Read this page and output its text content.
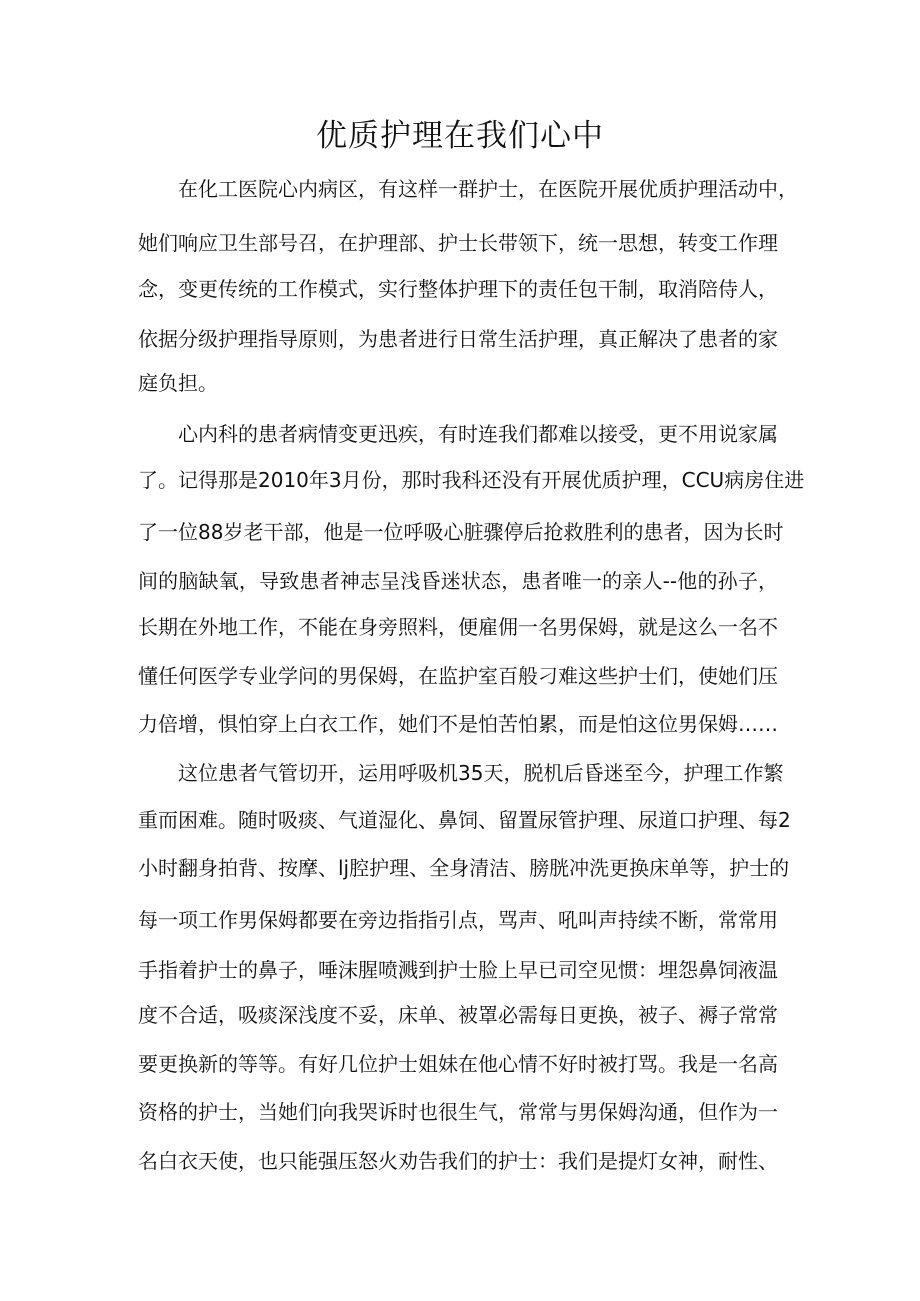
优质护理在我们心中
在化工医院心内病区，有这样一群护士，在医院开展优质护理活动中，
她们响应卫生部号召，在护理部、护士长带领下，统一思想，转变工作理
念，变更传统的工作模式，实行整体护理下的责任包干制，取消陪侍人，
依据分级护理指导原则，为患者进行日常生活护理，真正解决了患者的家
庭负担。
心内科的患者病情变更迅疾，有时连我们都难以接受，更不用说家属
了。记得那是2010年3月份，那时我科还没有开展优质护理，CCU病房住进
了一位88岁老干部，他是一位呼吸心脏骤停后抢救胜利的患者，因为长时
间的脑缺氧，导致患者神志呈浅昏迷状态，患者唯一的亲人--他的孙子，
长期在外地工作，不能在身旁照料，便雇佣一名男保姆，就是这么一名不
懂任何医学专业学问的男保姆，在监护室百般刁难这些护士们，使她们压
力倍增，惧怕穿上白衣工作，她们不是怕苦怕累，而是怕这位男保姆……
这位患者气管切开，运用呼吸机35天，脱机后昏迷至今，护理工作繁
重而困难。随时吸痰、气道湿化、鼻饲、留置尿管护理、尿道口护理、每2
小时翻身拍背、按摩、lj腔护理、全身清洁、膀胱冲洗更换床单等，护士的
每一项工作男保姆都要在旁边指指引点，骂声、吼叫声持续不断，常常用
手指着护士的鼻子，唾沫腥喷溅到护士脸上早已司空见惯：埋怨鼻饲液温
度不合适，吸痰深浅度不妥，床单、被罩必需每日更换，被子、褥子常常
要更换新的等等。有好几位护士姐妹在他心情不好时被打骂。我是一名高
资格的护士，当她们向我哭诉时也很生气，常常与男保姆沟通，但作为一
名白衣天使，也只能强压怒火劝告我们的护士：我们是提灯女神，耐性、
